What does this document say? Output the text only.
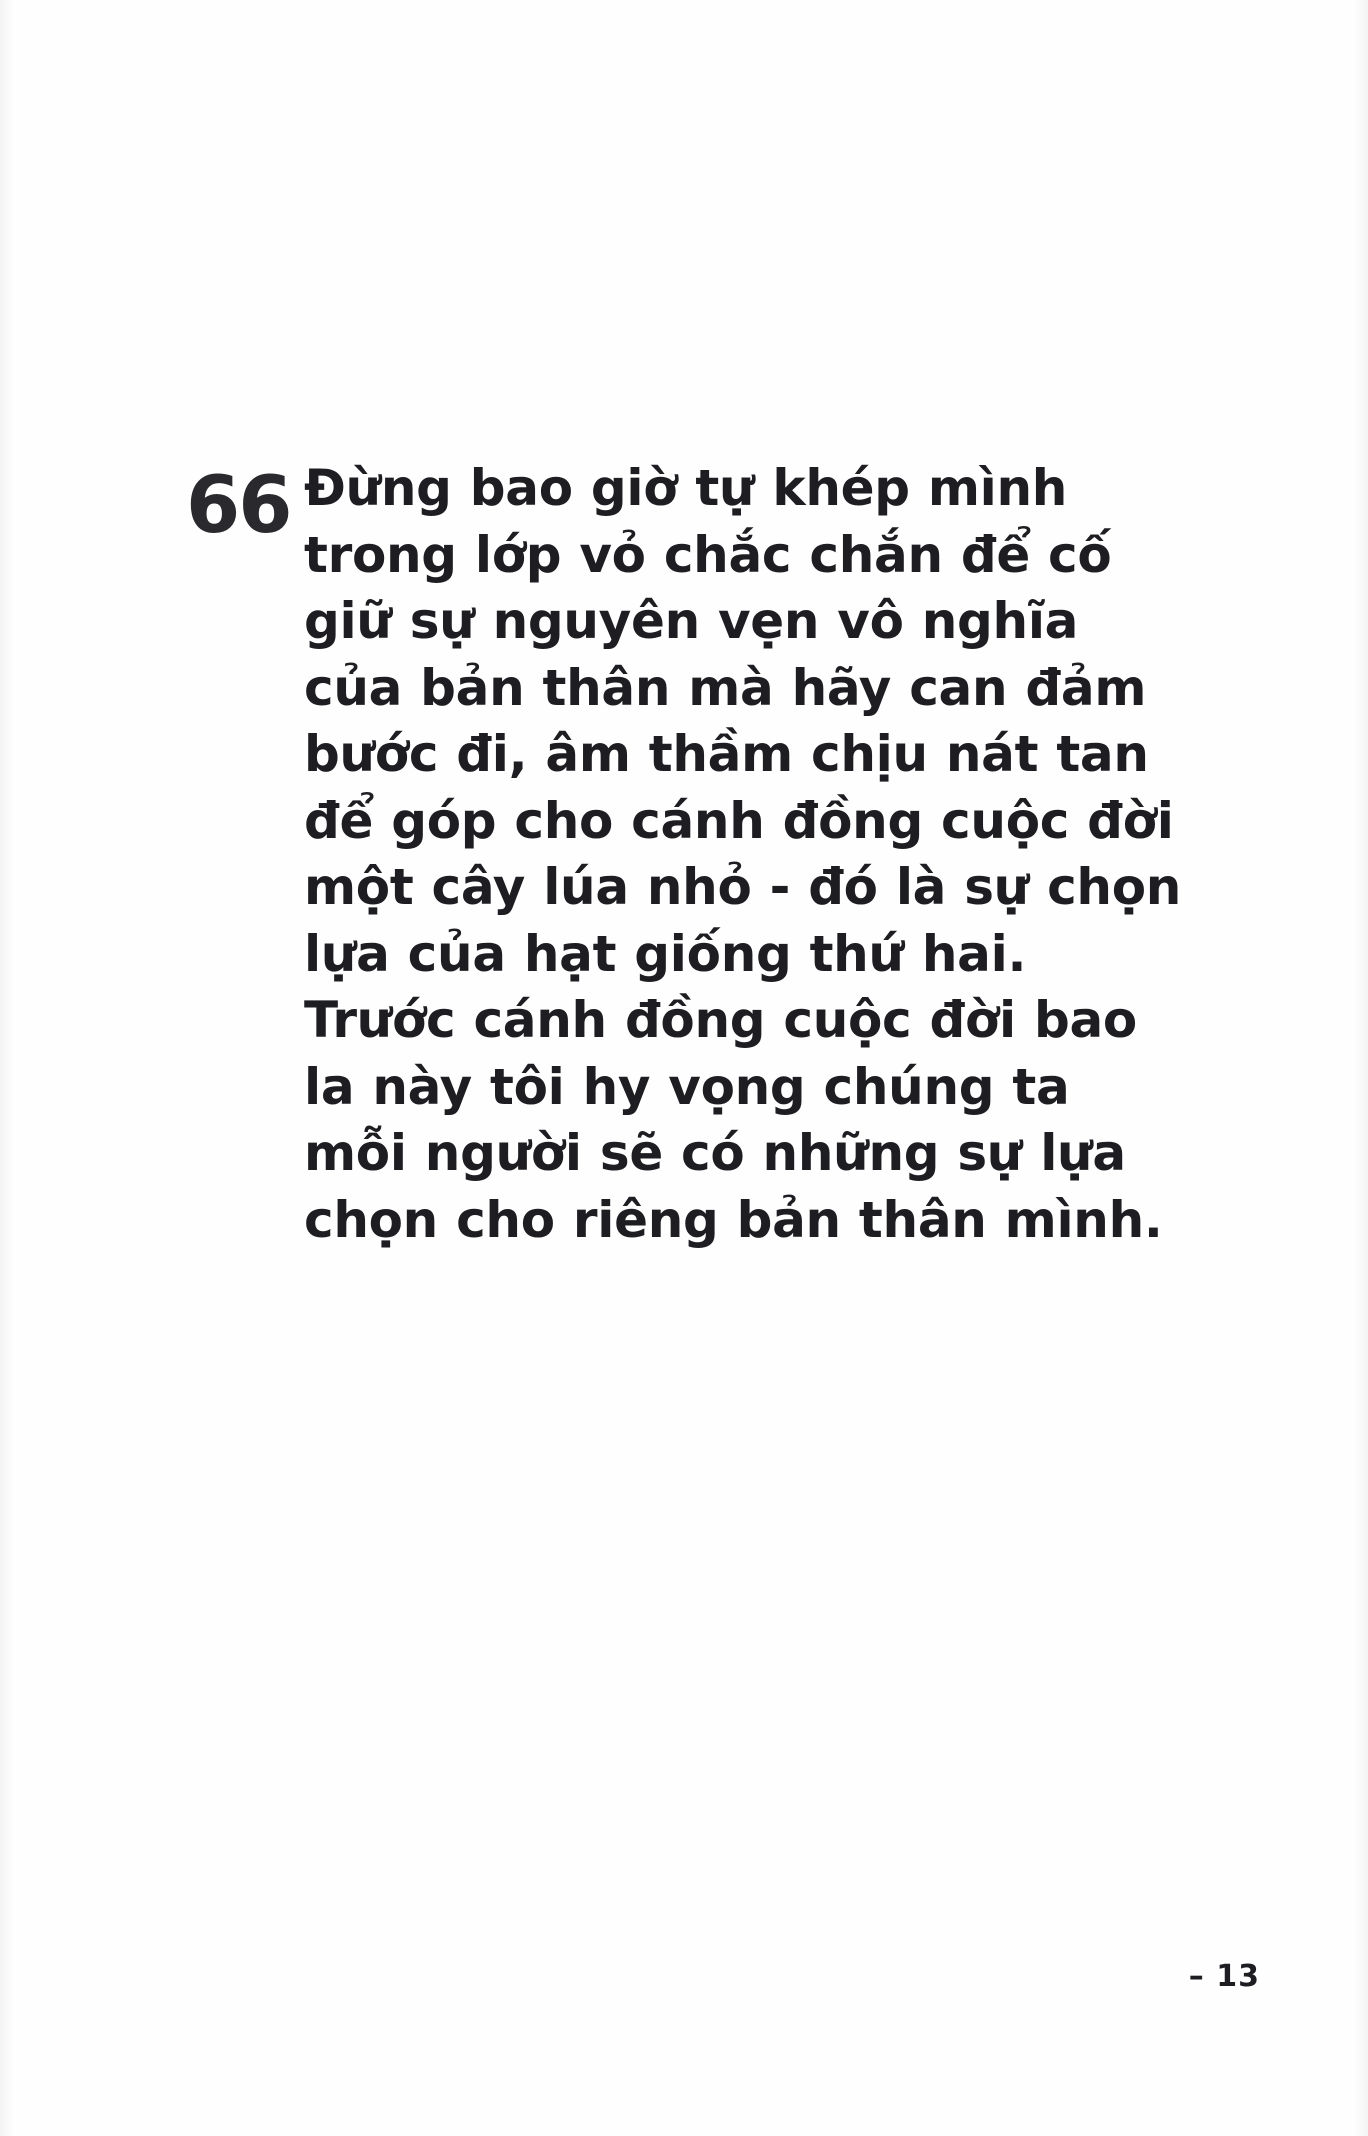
66 Đừng bao giờ tự khép mình trong lớp vỏ chắc chắn để cố giữ sự nguyên vẹn vô nghĩa của bản thân mà hãy can đảm bước đi, âm thầm chịu nát tan để góp cho cánh đồng cuộc đời một cây lúa nhỏ - đó là sự chọn lựa của hạt giống thứ hai. Trước cánh đồng cuộc đời bao la này tôi hy vọng chúng ta mỗi người sẽ có những sự lựa chọn cho riêng bản thân mình.

– 13
